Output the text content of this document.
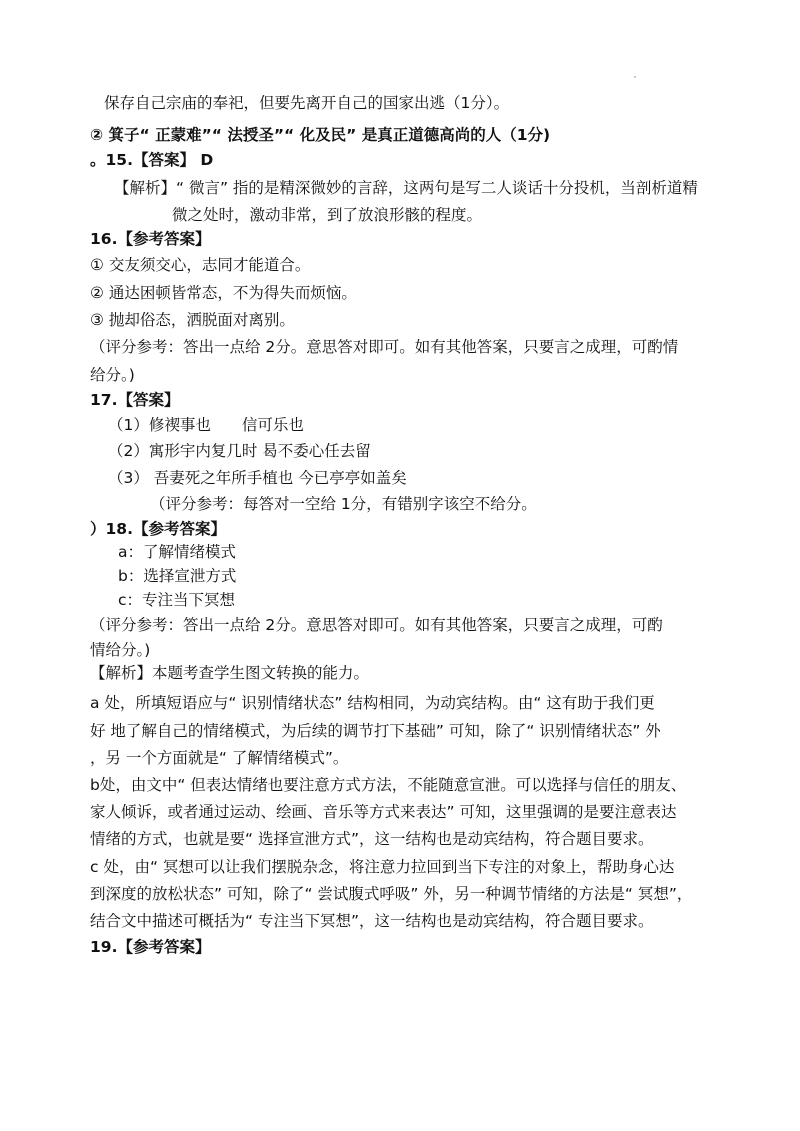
保存自己宗庙的奉祀，但要先离开自己的国家出逃（1分）。
② 箕子“ 正蒙难”“ 法授圣”“ 化及民” 是真正道德高尚的人（1分)
。15.【答案】 D
【解析】“ 微言” 指的是精深微妙的言辞，这两句是写二人谈话十分投机，当剖析道精
微之处时，激动非常，到了放浪形骸的程度。
16.【参考答案】
① 交友须交心，志同才能道合。
② 通达困顿皆常态，不为得失而烦恼。
③ 抛却俗态，洒脱面对离别。
（评分参考：答出一点给 2分。意思答对即可。如有其他答案，只要言之成理，可酌情
给分。)
17.【答案】
（1）修禊事也　　信可乐也
（2）寓形宇内复几时 曷不委心任去留
（3） 吾妻死之年所手植也 今已亭亭如盖矣
（评分参考：每答对一空给 1分，有错别字该空不给分。
）18.【参考答案】
a：了解情绪模式
b：选择宣泄方式
c：专注当下冥想
（评分参考：答出一点给 2分。意思答对即可。如有其他答案，只要言之成理，可酌
情给分。)
【解析】本题考查学生图文转换的能力。
a 处，所填短语应与“ 识别情绪状态” 结构相同，为动宾结构。由“ 这有助于我们更
好 地了解自己的情绪模式，为后续的调节打下基础” 可知，除了“ 识别情绪状态” 外
，另 一个方面就是“ 了解情绪模式”。
b处，由文中“ 但表达情绪也要注意方式方法，不能随意宣泄。可以选择与信任的朋友、
家人倾诉，或者通过运动、绘画、音乐等方式来表达” 可知，这里强调的是要注意表达
情绪的方式，也就是要“ 选择宣泄方式”，这一结构也是动宾结构，符合题目要求。
c 处，由“ 冥想可以让我们摆脱杂念，将注意力拉回到当下专注的对象上，帮助身心达
到深度的放松状态” 可知，除了“ 尝试腹式呼吸” 外，另一种调节情绪的方法是“ 冥想”，
结合文中描述可概括为“ 专注当下冥想”，这一结构也是动宾结构，符合题目要求。
19.【参考答案】
